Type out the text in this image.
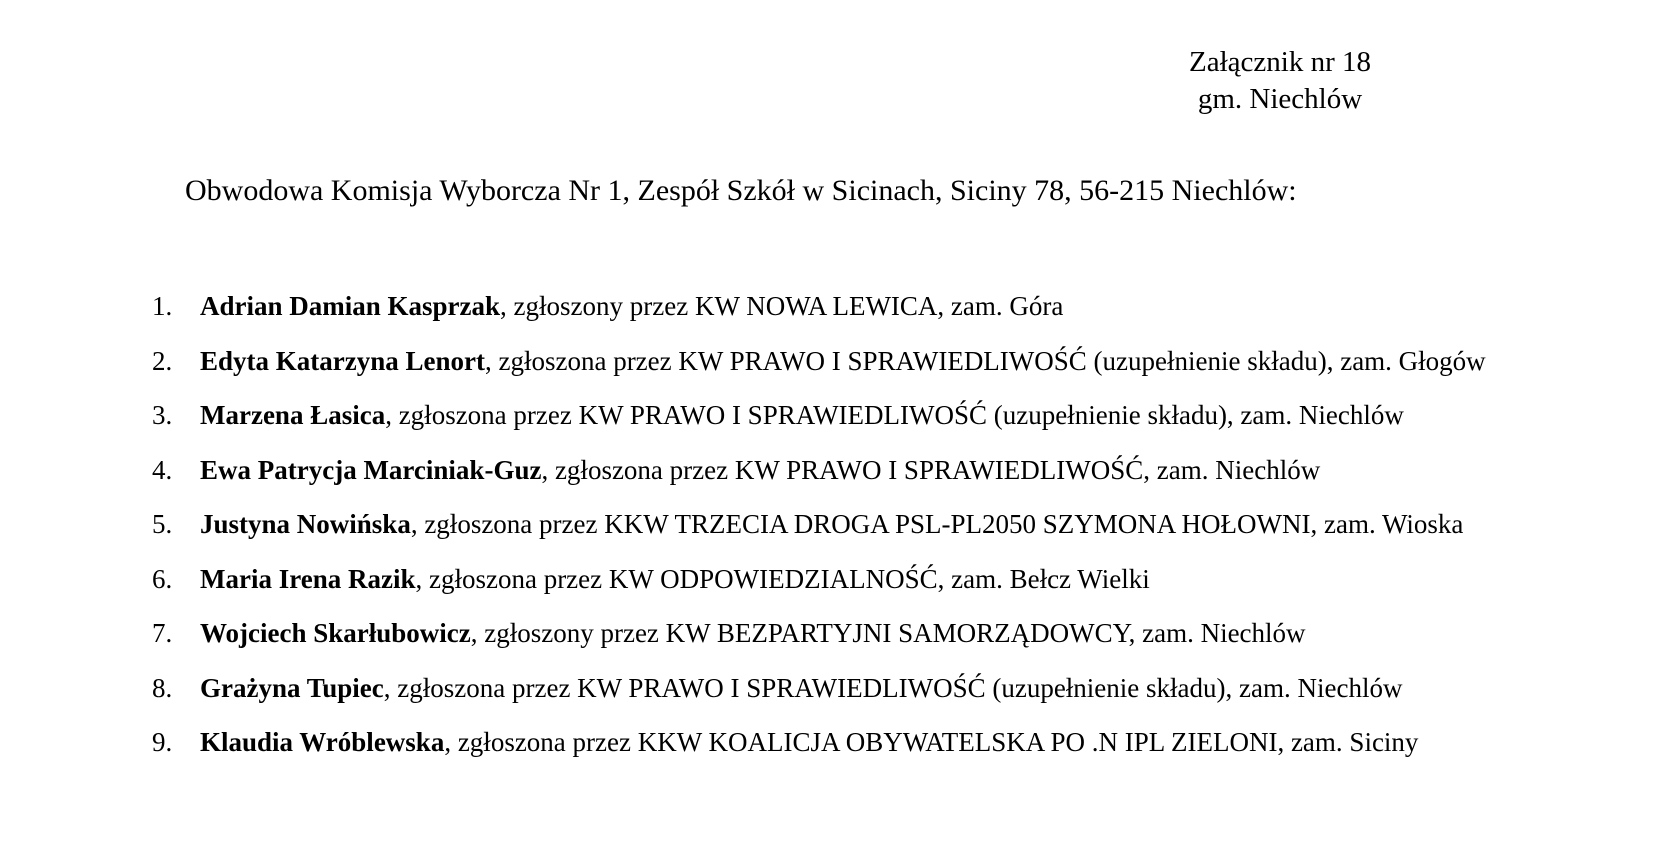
Załącznik nr 18
gm. Niechlów
Obwodowa Komisja Wyborcza Nr 1, Zespół Szkół w Sicinach, Siciny 78, 56-215 Niechlów:
1.	Adrian Damian Kasprzak, zgłoszony przez KW NOWA LEWICA, zam. Góra
2.	Edyta Katarzyna Lenort, zgłoszona przez KW PRAWO I SPRAWIEDLIWOŚĆ (uzupełnienie składu), zam. Głogów
3.	Marzena Łasica, zgłoszona przez KW PRAWO I SPRAWIEDLIWOŚĆ (uzupełnienie składu), zam. Niechlów
4.	Ewa Patrycja Marciniak-Guz, zgłoszona przez KW PRAWO I SPRAWIEDLIWOŚĆ, zam. Niechlów
5.	Justyna Nowińska, zgłoszona przez KKW TRZECIA DROGA PSL-PL2050 SZYMONA HOŁOWNI, zam. Wioska
6.	Maria Irena Razik, zgłoszona przez KW ODPOWIEDZIALNOŚĆ, zam. Bełcz Wielki
7.	Wojciech Skarłubowicz, zgłoszony przez KW BEZPARTYJNI SAMORZĄDOWCY, zam. Niechlów
8.	Grażyna Tupiec, zgłoszona przez KW PRAWO I SPRAWIEDLIWOŚĆ (uzupełnienie składu), zam. Niechlów
9.	Klaudia Wróblewska, zgłoszona przez KKW KOALICJA OBYWATELSKA PO .N IPL ZIELONI, zam. Siciny
